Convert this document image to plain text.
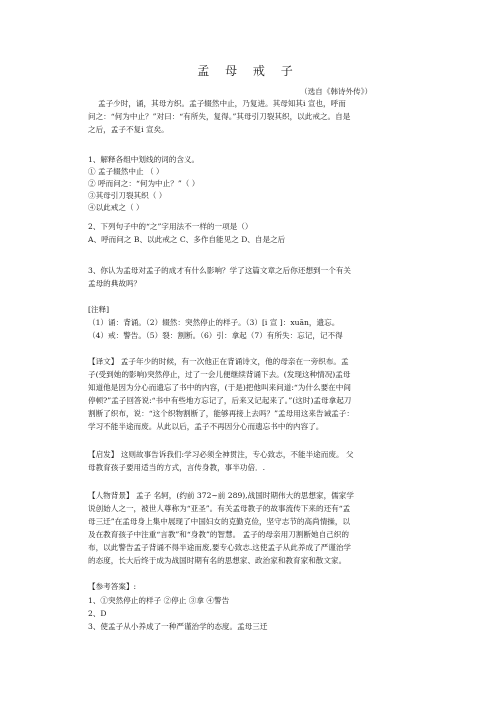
孟 母 戒 子
（选自《韩诗外传》）
孟子少时，诵，其母方织。孟子辍然中止，乃复进。其母知其i 宣也，呼而
问之：“何为中止？”对曰：“有所失，复得。”其母引刀裂其织，以此戒之。自是
之后，孟子不复i 宣矣。
1、解释各组中划线的词的含义。
① 孟子辍然中止 （ ）
② 呼而问之：“何为中止？”（ ）
③其母引刀裂其织（ ）
④以此戒之（ ）
2、下列句子中的“之”字用法不一样的一项是（）
A、呼而问之 B、以此戒之 C、多作自能见之 D、自是之后
3、你认为孟母对孟子的成才有什么影响？学了这篇文章之后你还想到一个有关
孟母的典故吗？
[注释]
（1）诵：背诵。（2）辍然：突然停止的样子。（3）[i 宣 ]：xuān，遗忘。
（4）戒：警告。（5）裂：割断。（6）引：拿起（7）有所失：忘记，记不得
【译文】 孟子年少的时候，有一次他正在背诵诗文，他的母亲在一旁织布。孟
子(受到她的影响)突然停止，过了一会儿便继续背诵下去。(发现这种情况)孟母
知道他是因为分心而遗忘了书中的内容，(于是)把他叫来问道:“为什么要在中间
停顿?”孟子回答说:“书中有些地方忘记了，后来又记起来了。”(这时)孟母拿起刀
割断了织布，说：“这个织物割断了，能够再接上去吗？”孟母用这来告诫孟子：
学习不能半途而废。从此以后，孟子不再因分心而遗忘书中的内容了。
【启发】 这则故事告诉我们:学习必须全神贯注，专心致志，不能半途而废。 父
母教育孩子要用适当的方式，言传身教，事半功倍．.
【人物背景】 孟子 名轲，(约前 372~前 289),战国时期伟大的思想家，儒家学
说创始人之一，被世人尊称为“亚圣”。有关孟母教子的故事流传下来的还有“孟
母三迁”在孟母身上集中展现了中国妇女的克勤克俭，坚守志节的高尚情操，以
及在教育孩子中注重“言教”和“身教”的智慧。 孟子的母亲用刀割断她自己织的
布，以此警告孟子背诵不得半途而废,要专心致志.这使孟子从此养成了严谨治学
的态度，长大后终于成为战国时期有名的思想家、政治家和教育家和散文家。
【参考答案】:
1、①突然停止的样子 ②停止 ③拿 ④警告
2、D
3、使孟子从小养成了一种严谨治学的态度。孟母三迁
